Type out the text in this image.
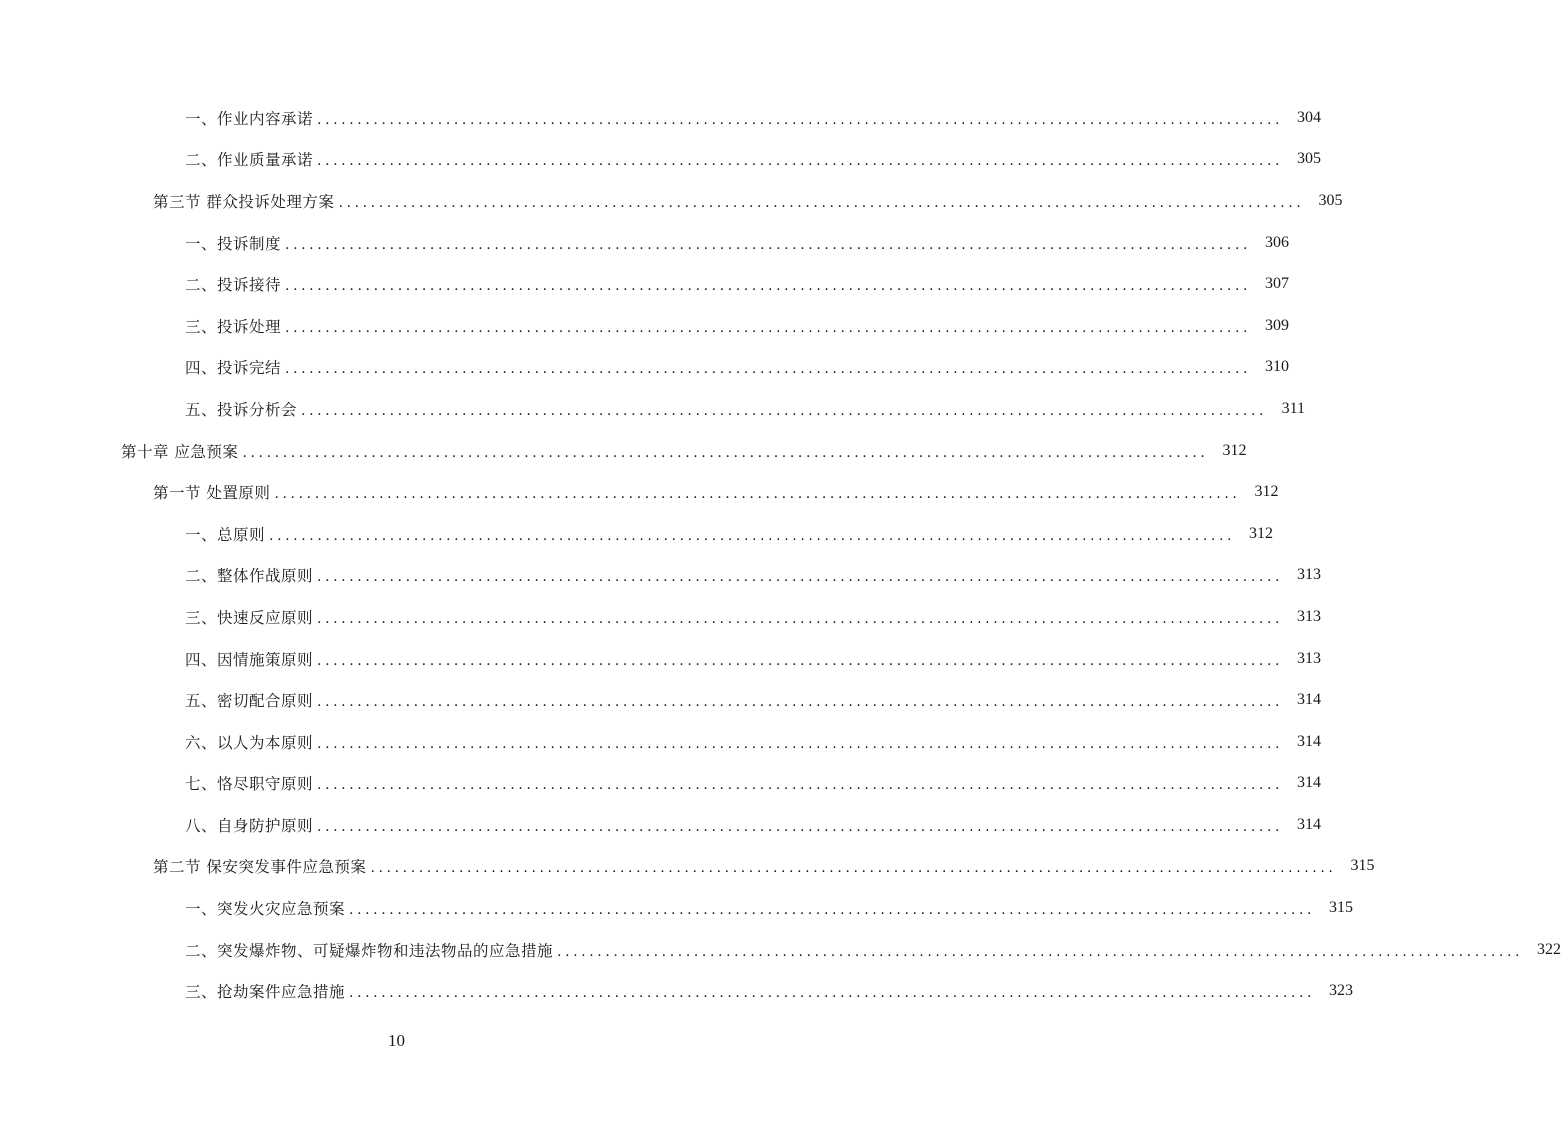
一、作业内容承诺 ........................................................................................................................ 304
二、作业质量承诺 ........................................................................................................................ 305
第三节 群众投诉处理方案 ........................................................................................................................ 305
一、投诉制度 ........................................................................................................................ 306
二、投诉接待 ........................................................................................................................ 307
三、投诉处理 ........................................................................................................................ 309
四、投诉完结 ........................................................................................................................ 310
五、投诉分析会 ........................................................................................................................ 311
第十章 应急预案 ........................................................................................................................ 312
第一节 处置原则 ........................................................................................................................ 312
一、总原则 ........................................................................................................................ 312
二、整体作战原则 ........................................................................................................................ 313
三、快速反应原则 ........................................................................................................................ 313
四、因情施策原则 ........................................................................................................................ 313
五、密切配合原则 ........................................................................................................................ 314
六、以人为本原则 ........................................................................................................................ 314
七、恪尽职守原则 ........................................................................................................................ 314
八、自身防护原则 ........................................................................................................................ 314
第二节 保安突发事件应急预案 ........................................................................................................................ 315
一、突发火灾应急预案 ........................................................................................................................ 315
二、突发爆炸物、可疑爆炸物和违法物品的应急措施 ........................................................................................................................ 322
三、抢劫案件应急措施 ........................................................................................................................ 323
10
